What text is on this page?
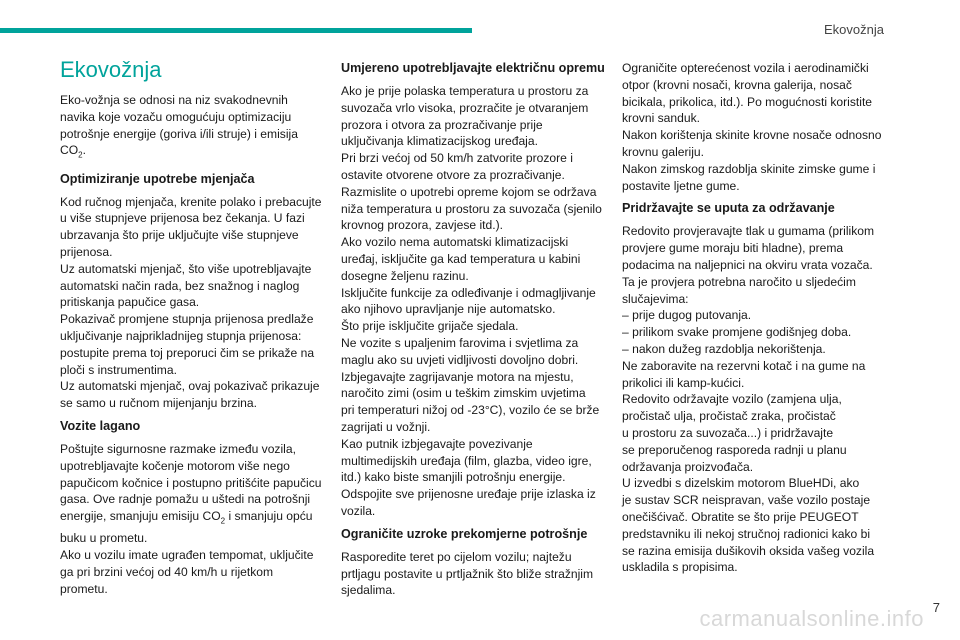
Ekovožnja
Ekovožnja
Eko-vožnja se odnosi na niz svakodnevnih
navika koje vozaču omogućuju optimizaciju
potrošnje energije (goriva i/ili struje) i emisija
$CO_2$.
Optimiziranje upotrebe mjenjača
Kod ručnog mjenjača, krenite polako i prebacujte
u više stupnjeve prijenosa bez čekanja. U fazi
ubrzavanja što prije uključujte više stupnjeve
prijenosa.
Uz automatski mjenjač, što više upotrebljavajte
automatski način rada, bez snažnog i naglog
pritiskanja papučice gasa.
Pokazivač promjene stupnja prijenosa predlaže
uključivanje najprikladnijeg stupnja prijenosa:
postupite prema toj preporuci čim se prikaže na
ploči s instrumentima.
Uz automatski mjenjač, ovaj pokazivač prikazuje
se samo u ručnom mijenjanju brzina.
Vozite lagano
Poštujte sigurnosne razmake između vozila,
upotrebljavajte kočenje motorom više nego
papučicom kočnice i postupno pritišćite papučicu
gasa. Ove radnje pomažu u uštedi na potrošnji
energije, smanjuju emisiju $CO_2$ i smanjuju opću
buku u prometu.
Ako u vozilu imate ugrađen tempomat, uključite
ga pri brzini većoj od 40 km/h u rijetkom
prometu.
Umjereno upotrebljavajte električnu opremu
Ako je prije polaska temperatura u prostoru za
suvozača vrlo visoka, prozračite je otvaranjem
prozora i otvora za prozračivanje prije
uključivanja klimatizacijskog uređaja.
Pri brzi većoj od 50 km/h zatvorite prozore i
ostavite otvorene otvore za prozračivanje.
Razmislite o upotrebi opreme kojom se održava
niža temperatura u prostoru za suvozača (sjenilo
krovnog prozora, zavjese itd.).
Ako vozilo nema automatski klimatizacijski
uređaj, isključite ga kad temperatura u kabini
dosegne željenu razinu.
Isključite funkcije za odleđivanje i odmagljivanje
ako njihovo upravljanje nije automatsko.
Što prije isključite grijače sjedala.
Ne vozite s upaljenim farovima i svjetlima za
maglu ako su uvjeti vidljivosti dovoljno dobri.
Izbjegavajte zagrijavanje motora na mjestu,
naročito zimi (osim u teškim zimskim uvjetima
pri temperaturi nižoj od -23°C), vozilo će se brže
zagrijati u vožnji.
Kao putnik izbjegavajte povezivanje
multimedijskih uređaja (film, glazba, video igre,
itd.) kako biste smanjili potrošnju energije.
Odspojite sve prijenosne uređaje prije izlaska iz
vozila.
Ograničite uzroke prekomjerne potrošnje
Rasporedite teret po cijelom vozilu; najtežu
prtljagu postavite u prtljažnik što bliže stražnjim
sjedalima.
Ograničite opterećenost vozila i aerodinamički
otpor (krovni nosači, krovna galerija, nosač
bicikala, prikolica, itd.). Po mogućnosti koristite
krovni sanduk.
Nakon korištenja skinite krovne nosače odnosno
krovnu galeriju.
Nakon zimskog razdoblja skinite zimske gume i
postavite ljetne gume.
Pridržavajte se uputa za održavanje
Redovito provjeravajte tlak u gumama (prilikom
provjere gume moraju biti hladne), prema
podacima na naljepnici na okviru vrata vozača.
Ta je provjera potrebna naročito u sljedećim
slučajevima:
– prije dugog putovanja.
– prilikom svake promjene godišnjeg doba.
– nakon dužeg razdoblja nekorištenja.
Ne zaboravite na rezervni kotač i na gume na
prikolici ili kamp-kućici.
Redovito održavajte vozilo (zamjena ulja,
pročistač ulja, pročistač zraka, pročistač
u prostoru za suvozača...) i pridržavajte
se preporučenog rasporeda radnji u planu
održavanja proizvođača.
U izvedbi s dizelskim motorom BlueHDi, ako
je sustav SCR neispravan, vaše vozilo postaje
onečišćivač. Obratite se što prije PEUGEOT
predstavniku ili nekoj stručnoj radionici kako bi
se razina emisija dušikovih oksida vašeg vozila
uskladila s propisima.
7
carmanualsonline.info
